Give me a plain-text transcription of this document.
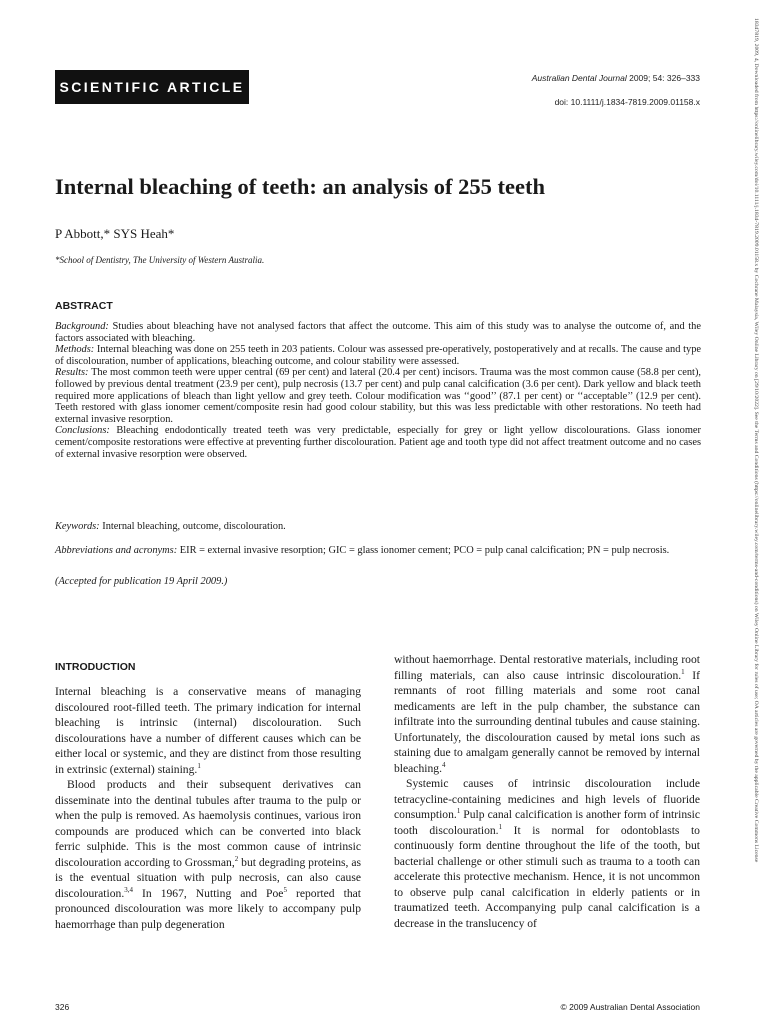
SCIENTIFIC ARTICLE
Australian Dental Journal 2009; 54: 326–333
doi: 10.1111/j.1834-7819.2009.01158.x	18347819, 2009, 4, Downloaded from https://onlinelibrary.wiley.com/doi/10.1111/j.1834-7819.2009.01158.x by Cochrane Malaysia, Wiley Online Library on [29/10/2022]. See the Terms and Conditions (https://onlinelibrary.wiley.com/terms-and-conditions) on Wiley Online Library for rules of use; OA articles are governed by the applicable Creative Commons License
Internal bleaching of teeth: an analysis of 255 teeth
P Abbott,* SYS Heah*
*School of Dentistry, The University of Western Australia.
ABSTRACT

Background: Studies about bleaching have not analysed factors that affect the outcome. This aim of this study was to analyse the outcome of, and the factors associated with bleaching.

Methods: Internal bleaching was done on 255 teeth in 203 patients. Colour was assessed pre-operatively, postoperatively and at recalls. The cause and type of discolouration, number of applications, bleaching outcome, and colour stability were assessed.

Results: The most common teeth were upper central (69 per cent) and lateral (20.4 per cent) incisors. Trauma was the most common cause (58.8 per cent), followed by previous dental treatment (23.9 per cent), pulp necrosis (13.7 per cent) and pulp canal calcification (3.6 per cent). Dark yellow and black teeth required more applications of bleach than light yellow and grey teeth. Colour modification was ‘‘good’’ (87.1 per cent) or ‘‘acceptable’’ (12.9 per cent). Teeth restored with glass ionomer cement/composite resin had good colour stability, but this was less predictable with other restorations. No teeth had external invasive resorption.

Conclusions: Bleaching endodontically treated teeth was very predictable, especially for grey or light yellow discolourations. Glass ionomer cement/composite restorations were effective at preventing further discolouration. Patient age and tooth type did not affect treatment outcome and no cases of external invasive resorption were observed.

Keywords: Internal bleaching, outcome, discolouration.
Abbreviations and acronyms: EIR = external invasive resorption; GIC = glass ionomer cement; PCO = pulp canal calcification; PN = pulp necrosis.
(Accepted for publication 19 April 2009.)
INTRODUCTION

Internal bleaching is a conservative means of managing discoloured root-filled teeth. The primary indication for internal bleaching is intrinsic (internal) discolouration. Such discolourations have a number of different causes which can be either local or systemic, and they are distinct from those resulting in extrinsic (external) staining.$^1$

Blood products and their subsequent derivatives can disseminate into the dentinal tubules after trauma to the pulp or when the pulp is removed. As haemolysis continues, various iron compounds are produced which can be converted into black ferric sulphide. This is the most common cause of intrinsic discolouration according to Grossman,$^2$ but degrading proteins, as is the eventual situation with pulp necrosis, can also cause discolouration.$^{3,4}$ In 1967, Nutting and Poe$^5$ reported that pronounced discolouration was more likely to accompany pulp haemorrhage than pulp degeneration

without haemorrhage. Dental restorative materials, including root filling materials, can also cause intrinsic discolouration.$^1$ If remnants of root filling materials and some root canal medicaments are left in the pulp chamber, the substance can infiltrate into the surrounding dentinal tubules and cause staining. Unfortunately, the discolouration caused by metal ions such as staining due to amalgam generally cannot be removed by internal bleaching.$^4$

Systemic causes of intrinsic discolouration include tetracycline-containing medicines and high levels of fluoride consumption.$^1$ Pulp canal calcification is another form of intrinsic tooth discolouration.$^1$ It is normal for odontoblasts to continuously form dentine throughout the life of the tooth, but bacterial challenge or other stimuli such as trauma to a tooth can accelerate this protective mechanism. Hence, it is not uncommon to observe pulp canal calcification in elderly patients or in traumatized teeth. Accompanying pulp canal calcification is a decrease in the translucency of

326	© 2009 Australian Dental Association
